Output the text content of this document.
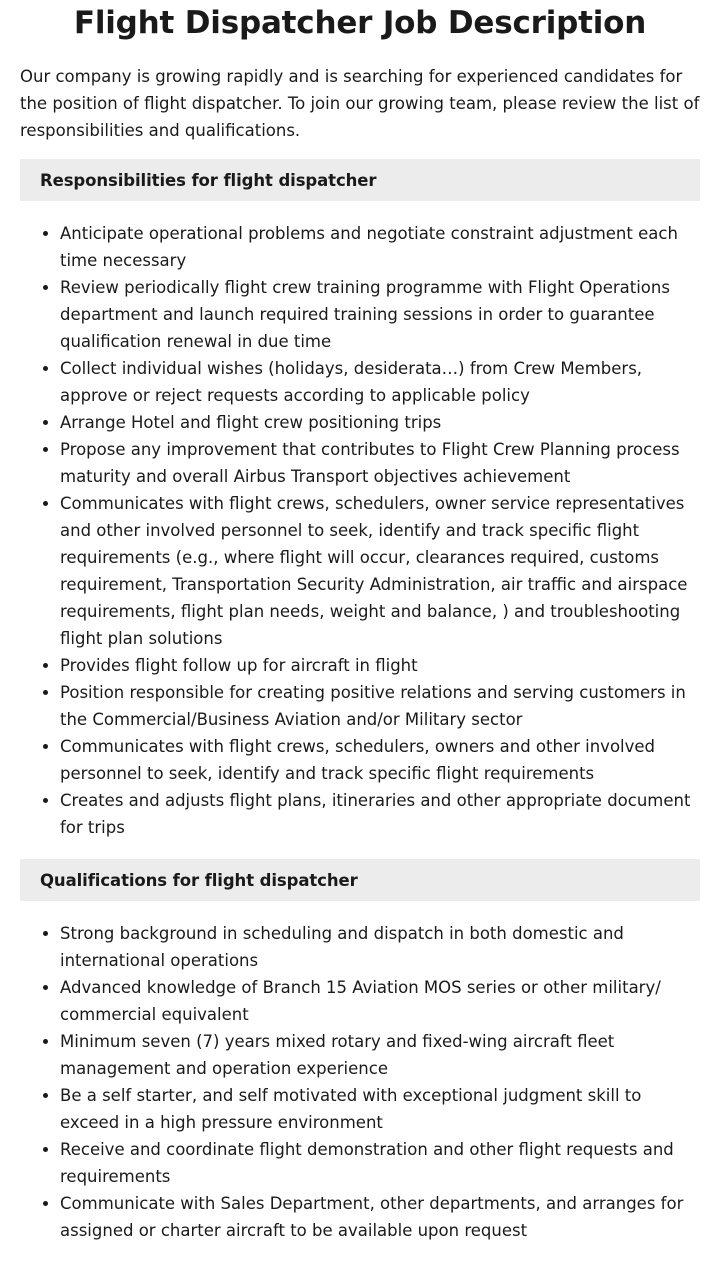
Flight Dispatcher Job Description

Our company is growing rapidly and is searching for experienced candidates for the position of flight dispatcher. To join our growing team, please review the list of responsibilities and qualifications.

Responsibilities for flight dispatcher
• Anticipate operational problems and negotiate constraint adjustment each time necessary
• Review periodically flight crew training programme with Flight Operations department and launch required training sessions in order to guarantee qualification renewal in due time
• Collect individual wishes (holidays, desiderata…) from Crew Members, approve or reject requests according to applicable policy
• Arrange Hotel and flight crew positioning trips
• Propose any improvement that contributes to Flight Crew Planning process maturity and overall Airbus Transport objectives achievement
• Communicates with flight crews, schedulers, owner service representatives and other involved personnel to seek, identify and track specific flight requirements (e.g., where flight will occur, clearances required, customs requirement, Transportation Security Administration, air traffic and airspace requirements, flight plan needs, weight and balance, ) and troubleshooting flight plan solutions
• Provides flight follow up for aircraft in flight
• Position responsible for creating positive relations and serving customers in the Commercial/Business Aviation and/or Military sector
• Communicates with flight crews, schedulers, owners and other involved personnel to seek, identify and track specific flight requirements
• Creates and adjusts flight plans, itineraries and other appropriate document for trips
Qualifications for flight dispatcher
• Strong background in scheduling and dispatch in both domestic and international operations
• Advanced knowledge of Branch 15 Aviation MOS series or other military/ commercial equivalent
• Minimum seven (7) years mixed rotary and fixed-wing aircraft fleet management and operation experience
• Be a self starter, and self motivated with exceptional judgment skill to exceed in a high pressure environment
• Receive and coordinate flight demonstration and other flight requests and requirements
• Communicate with Sales Department, other departments, and arranges for assigned or charter aircraft to be available upon request
